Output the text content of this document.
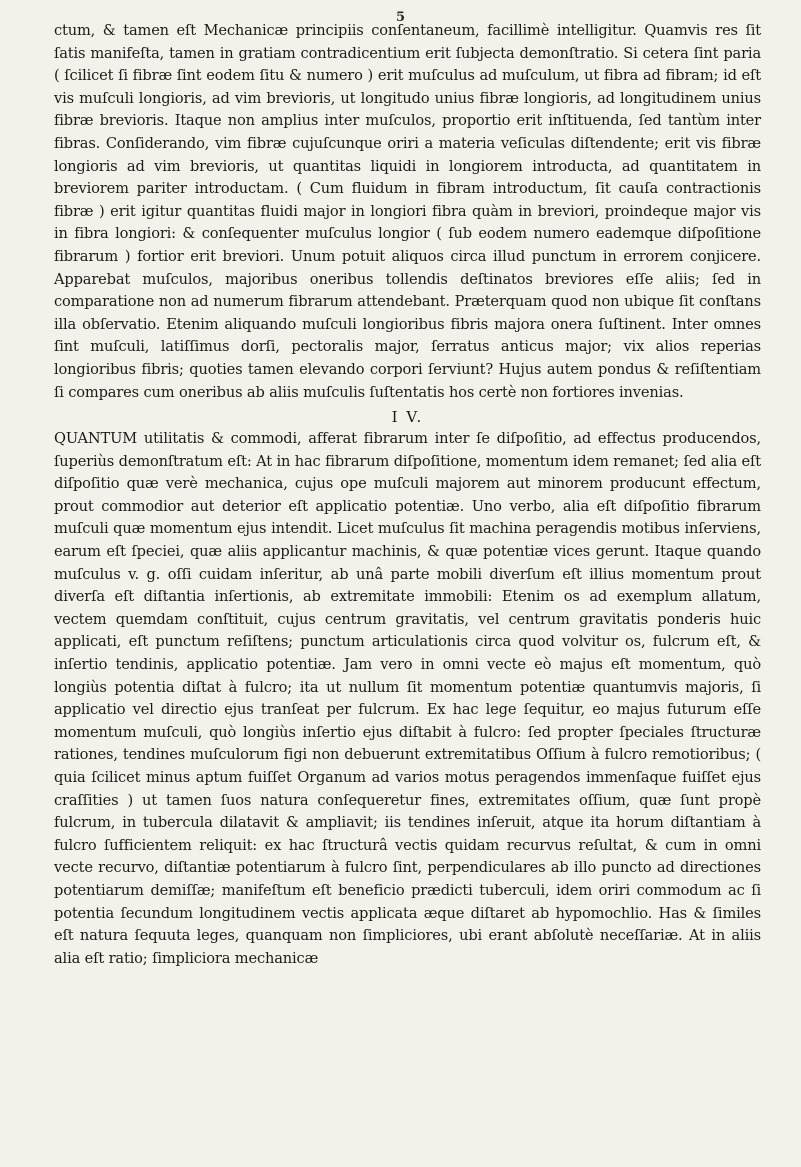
5

ctum, & tamen eſt Mechanicæ principiis conſentaneum, facillimè intelligitur. Quamvis res ſit ſatis manifeſta, tamen in gratiam contradicentium erit ſubjecta demonſtratio. Si cetera ſint paria ( ſcilicet ſi fibræ ſint eodem ſitu & numero ) erit muſculus ad muſculum, ut fibra ad fibram; id eſt vis muſculi longioris, ad vim brevioris, ut longitudo unius fibræ longioris, ad longitudinem unius fibræ brevioris. Itaque non amplius inter muſculos, proportio erit inſtituenda, ſed tantùm inter fibras. Conſiderando, vim fibræ cujuſcunque oriri a materia veſiculas diſtendente; erit vis fibræ longioris ad vim brevioris, ut quantitas liquidi in longiorem introducta, ad quantitatem in breviorem pariter introductam. ( Cum fluidum in fibram introductum, ſit cauſa contractionis fibræ ) erit igitur quantitas fluidi major in longiori fibra quàm in breviori, proindeque major vis in fibra longiori: & conſequenter muſculus longior ( ſub eodem numero eademque diſpoſitione fibrarum ) fortior erit breviori. Unum potuit aliquos circa illud punctum in errorem conjicere. Apparebat muſculos, majoribus oneribus tollendis deſtinatos breviores eſſe aliis; ſed in comparatione non ad numerum fibrarum attendebant. Præterquam quod non ubique ſit conſtans illa obſervatio. Etenim aliquando muſculi longioribus fibris majora onera ſuſtinent. Inter omnes ſint muſculi, latiſſimus dorſi, pectoralis major, ſerratus anticus major; vix alios reperias longioribus fibris; quoties tamen elevando corpori ſerviunt? Hujus autem pondus & reſiſtentiam ſi compares cum oneribus ab aliis muſculis ſuſtentatis hos certè non fortiores invenias.

I V.

QUANTUM utilitatis & commodi, afferat fibrarum inter ſe diſpoſitio, ad effectus producendos, ſuperiùs demonſtratum eſt: At in hac fibrarum diſpoſitione, momentum idem remanet; ſed alia eſt diſpoſitio quæ verè mechanica, cujus ope muſculi majorem aut minorem producunt effectum, prout commodior aut deterior eſt applicatio potentiæ. Uno verbo, alia eſt diſpoſitio fibrarum muſculi quæ momentum ejus intendit. Licet muſculus ſit machina peragendis motibus inſerviens, earum eſt ſpeciei, quæ aliis applicantur machinis, & quæ potentiæ vices gerunt. Itaque quando muſculus v. g. oſſi cuidam inſeritur, ab unâ parte mobili diverſum eſt illius momentum prout diverſa eſt diſtantia inſertionis, ab extremitate immobili: Etenim os ad exemplum allatum, vectem quemdam conſtituit, cujus centrum gravitatis, vel centrum gravitatis ponderis huic applicati, eſt punctum reſiſtens; punctum articulationis circa quod volvitur os, fulcrum eſt, & inſertio tendinis, applicatio potentiæ. Jam vero in omni vecte eò majus eſt momentum, quò longiùs potentia diſtat à fulcro; ita ut nullum ſit momentum potentiæ quantumvis majoris, ſi applicatio vel directio ejus tranſeat per fulcrum. Ex hac lege ſequitur, eo majus futurum eſſe momentum muſculi, quò longiùs inſertio ejus diſtabit à fulcro: ſed propter ſpeciales ſtructuræ rationes, tendines muſculorum figi non debuerunt extremitatibus Oſſium à fulcro remotioribus; ( quia ſcilicet minus aptum fuiſſet Organum ad varios motus peragendos immenſaque fuiſſet ejus craſſities ) ut tamen ſuos natura conſequeretur fines, extremitates oſſium, quæ ſunt propè fulcrum, in tubercula dilatavit & ampliavit; iis tendines inſeruit, atque ita horum diſtantiam à fulcro ſufficientem reliquit: ex hac ſtructurâ vectis quidam recurvus reſultat, & cum in omni vecte recurvo, diſtantiæ potentiarum à fulcro ſint, perpendiculares ab illo puncto ad directiones potentiarum demiſſæ; manifeſtum eſt beneficio prædicti tuberculi, idem oriri commodum ac ſi potentia ſecundum longitudinem vectis applicata æque diſtaret ab hypomochlio. Has & ſimiles eſt natura ſequuta leges, quanquam non ſimpliciores, ubi erant abſolutè neceſſariæ. At in aliis alia eſt ratio; ſimpliciora mechanicæ
